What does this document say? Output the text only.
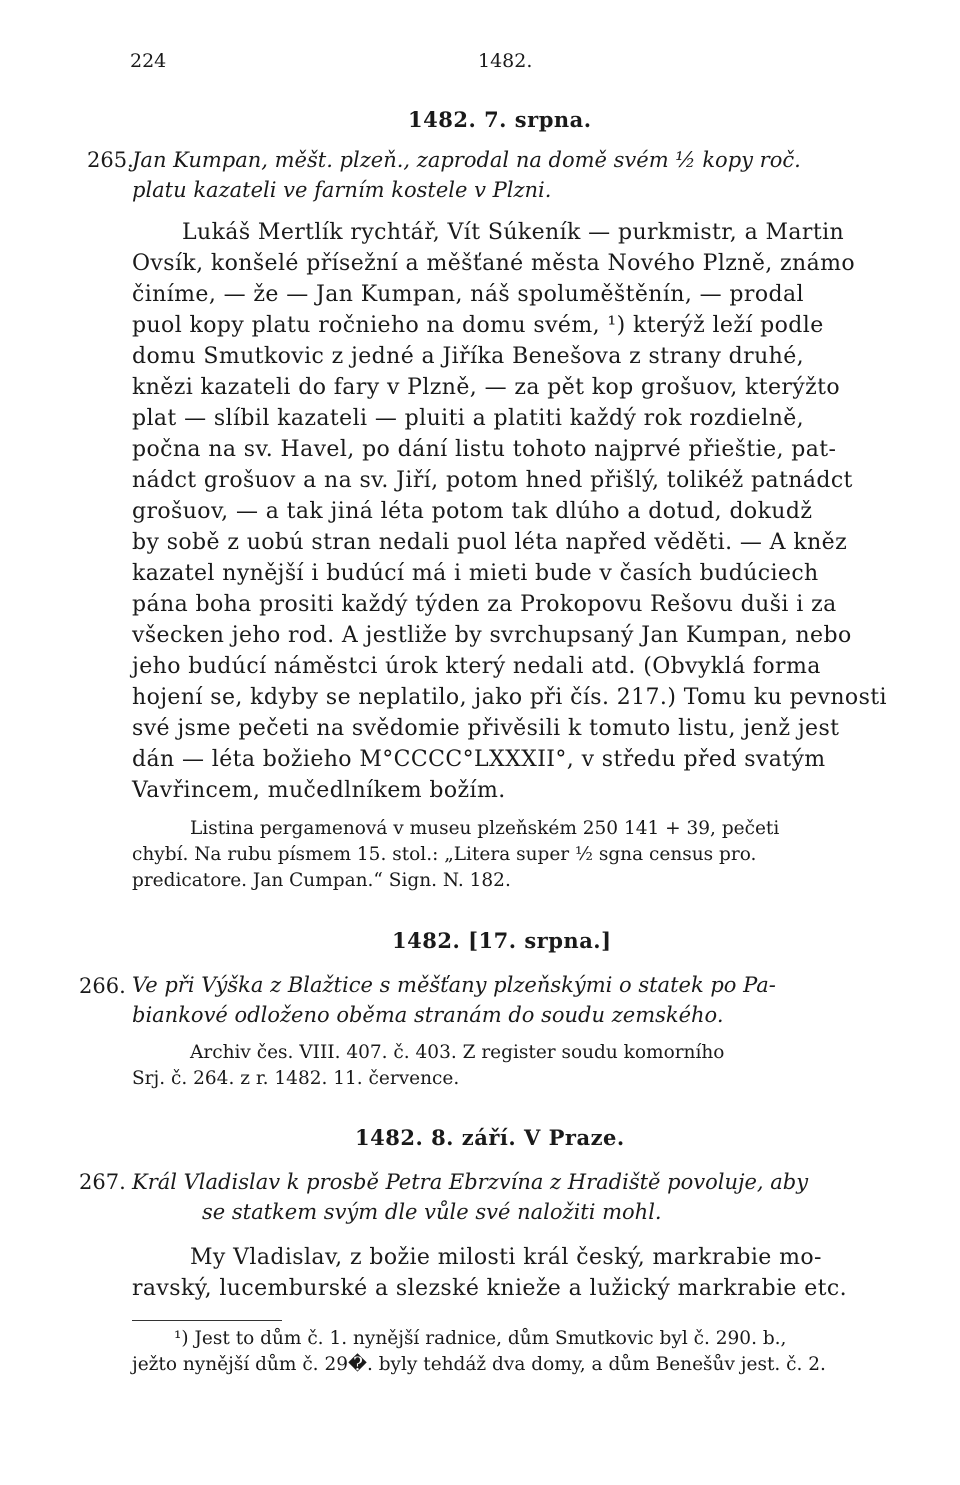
224	1482.
1482. 7. srpna.
265.
Jan Kumpan, měšt. plzeň., zaprodal na domě svém ½ kopy roč.
platu kazateli ve farním kostele v Plzni.
Lukáš Mertlík rychtář, Vít Súkeník — purkmistr, a Martin
Ovsík, konšelé přísežní a měšťané města Nového Plzně, známo
činíme, — že — Jan Kumpan, náš spoluměštěnín, — prodal
puol kopy platu ročnieho na domu svém, ¹) kterýž leží podle
domu Smutkovic z jedné a Jiříka Benešova z strany druhé,
knězi kazateli do fary v Plzně, — za pět kop grošuov, kterýžto
plat — slíbil kazateli — pluiti a platiti každý rok rozdielně,
počna na sv. Havel, po dání listu tohoto najprvé přieštie, pat-
nádct grošuov a na sv. Jiří, potom hned přišlý, tolikéž patnádct
grošuov, — a tak jiná léta potom tak dlúho a dotud, dokudž
by sobě z uobú stran nedali puol léta napřed věděti. — A kněz
kazatel nynější i budúcí má i mieti bude v časích budúciech
pána boha prositi každý týden za Prokopovu Rešovu duši i za
všecken jeho rod. A jestliže by svrchupsaný Jan Kumpan, nebo
jeho budúcí náměstci úrok který nedali atd. (Obvyklá forma
hojení se, kdyby se neplatilo, jako při čís. 217.) Tomu ku pevnosti
své jsme pečeti na svědomie přivěsili k tomuto listu, jenž jest
dán — léta božieho M°CCCC°LXXXII°, v středu před svatým
Vavřincem, mučedlníkem božím.
Listina pergamenová v museu plzeňském 250 141 + 39, pečeti
chybí. Na rubu písmem 15. stol.: „Litera super ½ sgna census pro.
predicatore. Jan Cumpan.“ Sign. N. 182.
1482. [17. srpna.]
266. Ve při Výška z Blažtice s měšťany plzeňskými o statek po Pa-
biankové odloženo oběma stranám do soudu zemského.
Archiv čes. VIII. 407. č. 403. Z register soudu komorního
Srj. č. 264. z r. 1482. 11. července.
1482. 8. září. V Praze.
267. Král Vladislav k prosbě Petra Ebrzvína z Hradiště povoluje, aby
se statkem svým dle vůle své naložiti mohl.
My Vladislav, z božie milosti král český, markrabie mo-
ravský, lucemburské a slezské knieže a lužický markrabie etc.
¹) Jest to dům č. 1. nynější radnice, dům Smutkovic byl č. 290. b.,
ježto nynější dům č. 29�. byly tehdáž dva domy, a dům Benešův jest. č. 2.
